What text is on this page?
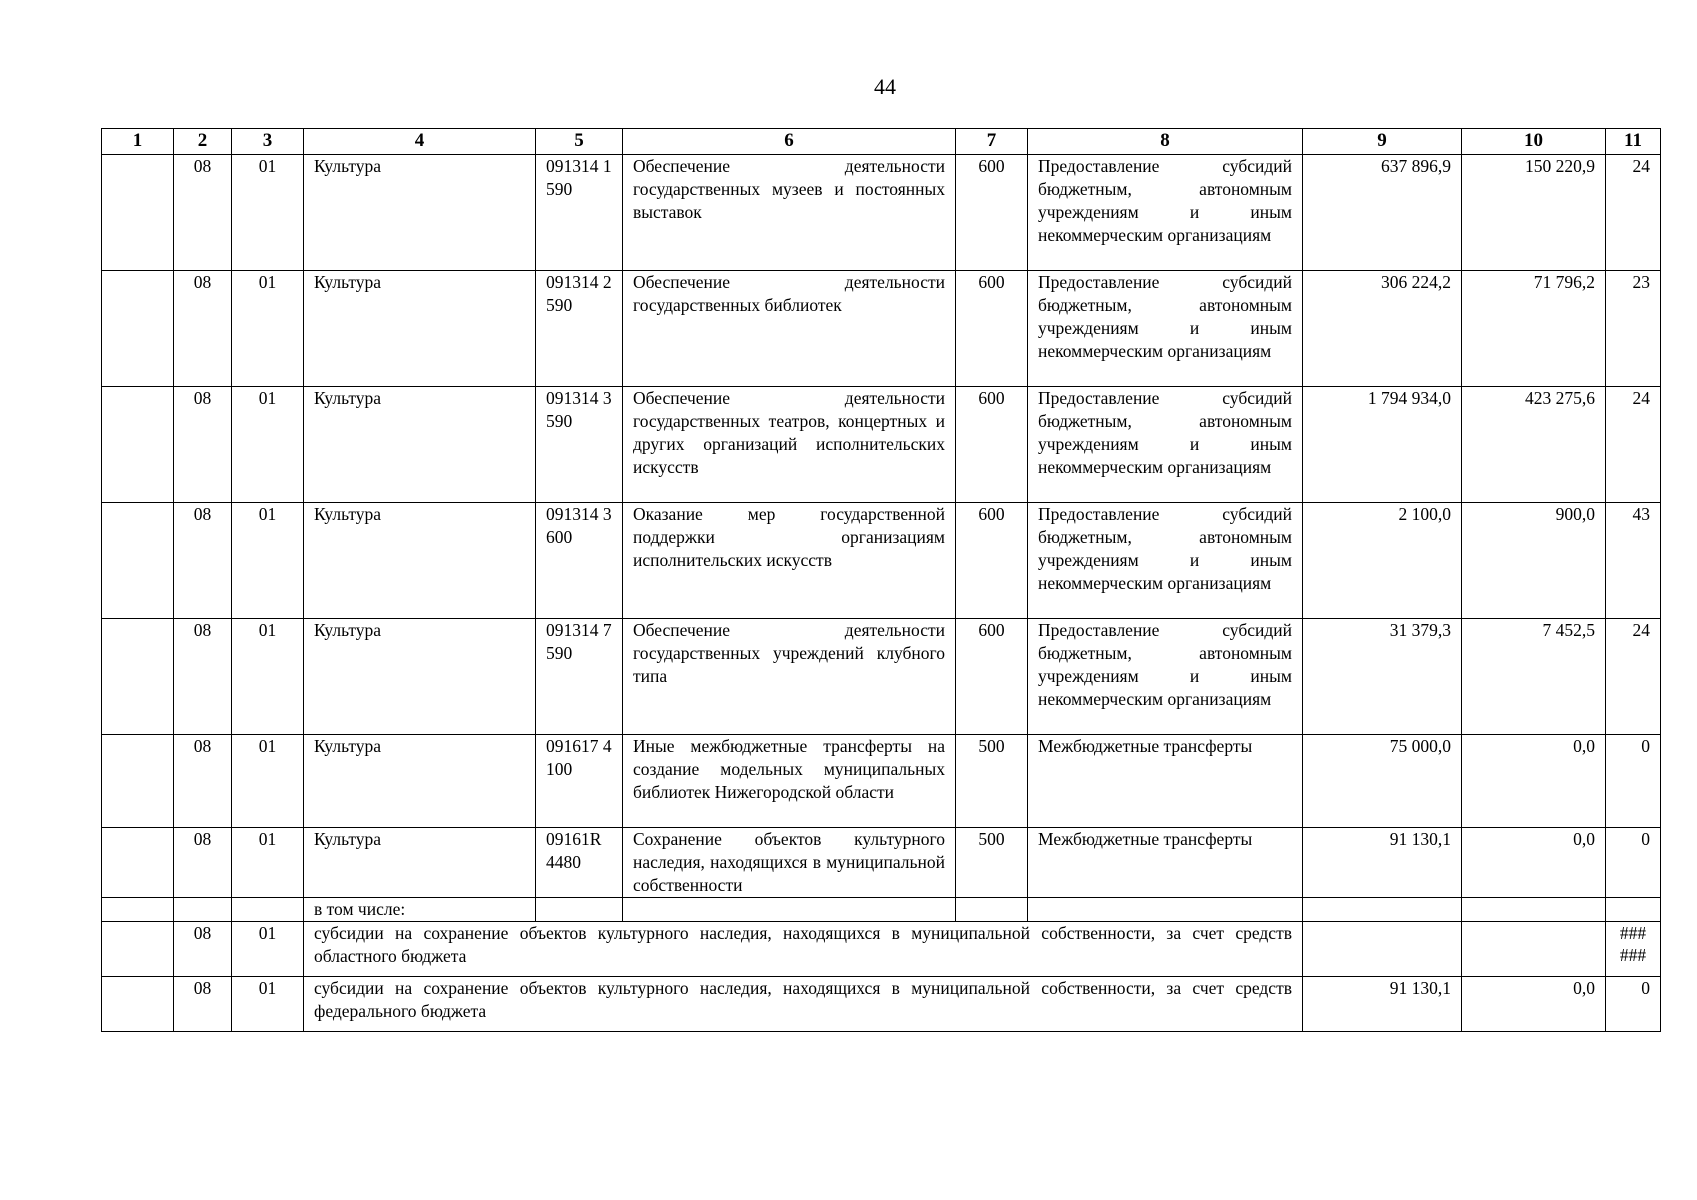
44
1	2	3	4	5	6	7	8	9	10	11
	08	01	Культура	091314 1590	Обеспечение деятельности государственных музеев и постоянных выставок	600	Предоставление субсидий бюджетным, автономным учреждениям и иным некоммерческим организациям	637 896,9	150 220,9	24
	08	01	Культура	091314 2590	Обеспечение деятельности государственных библиотек	600	Предоставление субсидий бюджетным, автономным учреждениям и иным некоммерческим организациям	306 224,2	71 796,2	23
	08	01	Культура	091314 3590	Обеспечение деятельности государственных театров, концертных и других организаций исполнительских искусств	600	Предоставление субсидий бюджетным, автономным учреждениям и иным некоммерческим организациям	1 794 934,0	423 275,6	24
	08	01	Культура	091314 3600	Оказание мер государственной поддержки организациям исполнительских искусств	600	Предоставление субсидий бюджетным, автономным учреждениям и иным некоммерческим организациям	2 100,0	900,0	43
	08	01	Культура	091314 7590	Обеспечение деятельности государственных учреждений клубного типа	600	Предоставление субсидий бюджетным, автономным учреждениям и иным некоммерческим организациям	31 379,3	7 452,5	24
	08	01	Культура	091617 4100	Иные межбюджетные трансферты на создание модельных муниципальных библиотек Нижегородской области	500	Межбюджетные трансферты	75 000,0	0,0	0
	08	01	Культура	09161R 4480	Сохранение объектов культурного наследия, находящихся в муниципальной собственности	500	Межбюджетные трансферты	91 130,1	0,0	0
			в том числе:							
	08	01	субсидии на сохранение объектов культурного наследия, находящихся в муниципальной собственности, за счет средств областного бюджета							###
###
	08	01	субсидии на сохранение объектов культурного наследия, находящихся в муниципальной собственности, за счет средств федерального бюджета					91 130,1	0,0	0
